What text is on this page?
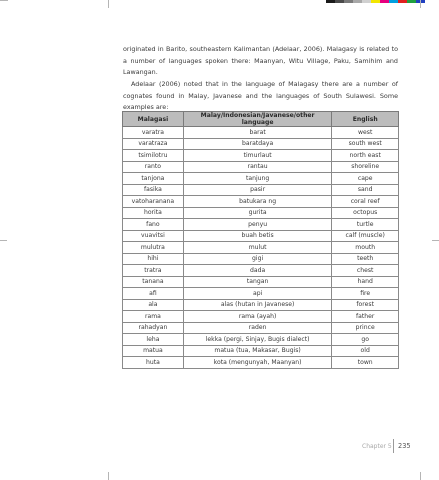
originated in Barito, southeastern Kalimantan (Adelaar, 2006). Malagasy is related to a number of languages spoken there: Maanyan, Witu Village, Paku, Samihim and Lawangan.

Adelaar (2006) noted that in the language of Malagasy there are a number of cognates found in Malay, Javanese and the languages of South Sulawesi. Some examples are:

Malagasi	Malay/Indonesian/Javanese/other language	English
varatra	barat	west
varatraza	baratdaya	south west
tsimilotru	timurlaut	north east
ranto	rantau	shoreline
tanjona	tanjung	cape
fasika	pasir	sand
vatoharanana	batukara ng	coral reef
horita	gurita	octopus
fano	penyu	turtle
vuavitsi	buah betis	calf (muscle)
mulutra	mulut	mouth
hihi	gigi	teeth
tratra	dada	chest
tanana	tangan	hand
afi	api	fire
ala	alas (hutan in Javanese)	forest
rama	rama (ayah)	father
rahadyan	raden	prince
leha	lekka (pergi, Sinjay, Bugis dialect)	go
matua	matua (tua, Makasar, Bugis)	old
huta	kota (mengunyah, Maanyan)	town
Chapter 5 235
